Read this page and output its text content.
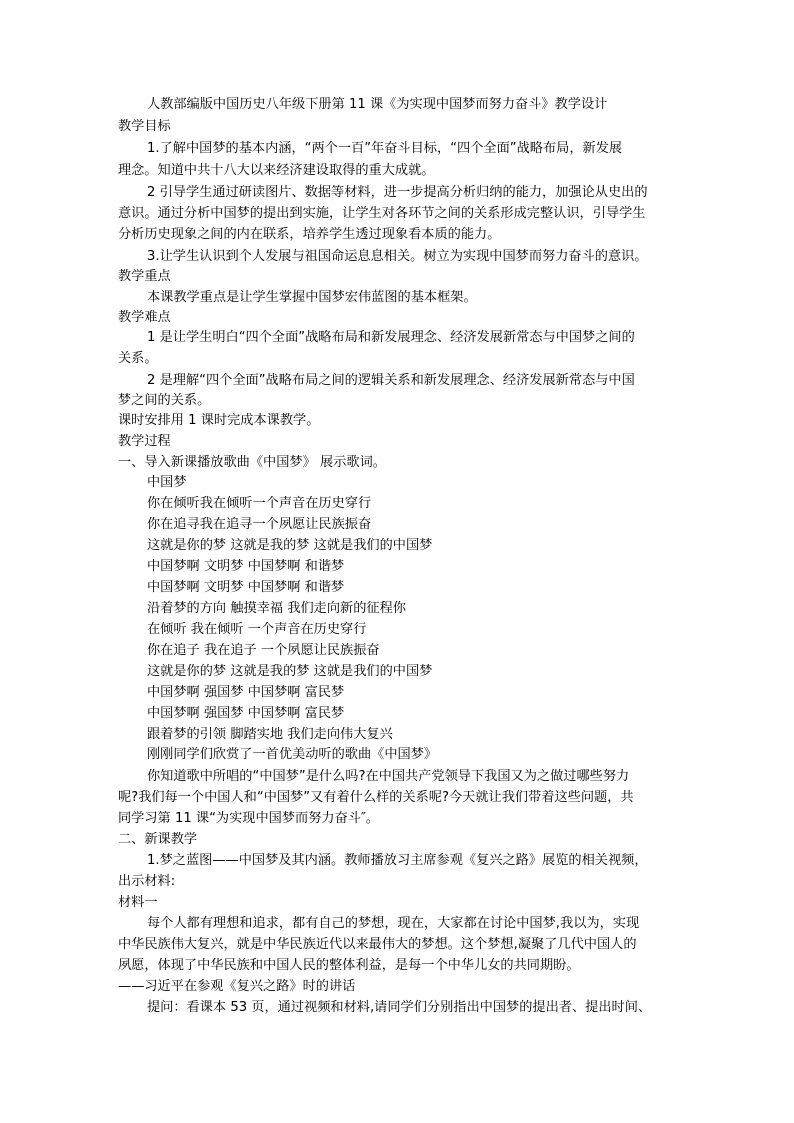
人教部编版中国历史八年级下册第 11 课《为实现中国梦而努力奋斗》教学设计
教学目标
1.了解中国梦的基本内涵，“两个一百”年奋斗目标，“四个全面”战略布局，新发展
理念。知道中共十八大以来经济建设取得的重大成就。
2 引导学生通过研读图片、数据等材料，进一步提高分析归纳的能力，加强论从史出的
意识。通过分析中国梦的提出到实施，让学生对各环节之间的关系形成完整认识，引导学生
分析历史现象之间的内在联系，培养学生透过现象看本质的能力。
3.让学生认识到个人发展与祖国命运息息相关。树立为实现中国梦而努力奋斗的意识。
教学重点
本课教学重点是让学生掌握中国梦宏伟蓝图的基本框架。
教学难点
1 是让学生明白“四个全面”战略布局和新发展理念、经济发展新常态与中国梦之间的
关系。
2 是理解“四个全面”战略布局之间的逻辑关系和新发展理念、经济发展新常态与中国
梦之间的关系。
课时安排用 1 课时完成本课教学。
教学过程
一、导入新课播放歌曲《中国梦》 展示歌词。
中国梦
你在倾听我在倾听一个声音在历史穿行
你在追寻我在追寻一个夙愿让民族振奋
这就是你的梦 这就是我的梦 这就是我们的中国梦
中国梦啊 文明梦 中国梦啊 和谐梦
中国梦啊 文明梦 中国梦啊 和谐梦
沿着梦的方向 触摸幸福 我们走向新的征程你
在倾听 我在倾听 一个声音在历史穿行
你在追子 我在追子 一个夙愿让民族振奋
这就是你的梦 这就是我的梦 这就是我们的中国梦
中国梦啊 强国梦 中国梦啊 富民梦
中国梦啊 强国梦 中国梦啊 富民梦
跟着梦的引领 脚踏实地 我们走向伟大复兴
刚刚同学们欣赏了一首优美动听的歌曲《中国梦》
你知道歌中所唱的“中国梦”是什么吗?在中国共产党领导下我国又为之做过哪些努力
呢?我们每一个中国人和“中国梦”又有着什么样的关系呢?今天就让我们带着这些问题，共
同学习第 11 课“为实现中国梦而努力奋斗″。
二、新课教学
1.梦之蓝图——中国梦及其内涵。教师播放习主席参观《复兴之路》展览的相关视频，
出示材料:
材料一
每个人都有理想和追求，都有自己的梦想，现在，大家都在讨论中国梦,我以为，实现
中华民族伟大复兴，就是中华民族近代以来最伟大的梦想。这个梦想,凝聚了几代中国人的
夙愿，体现了中华民族和中国人民的整体利益，是每一个中华儿女的共同期盼。
——习近平在参观《复兴之路》时的讲话
提问：看课本 53 页，通过视频和材料,请同学们分别指出中国梦的提出者、提出时间、
